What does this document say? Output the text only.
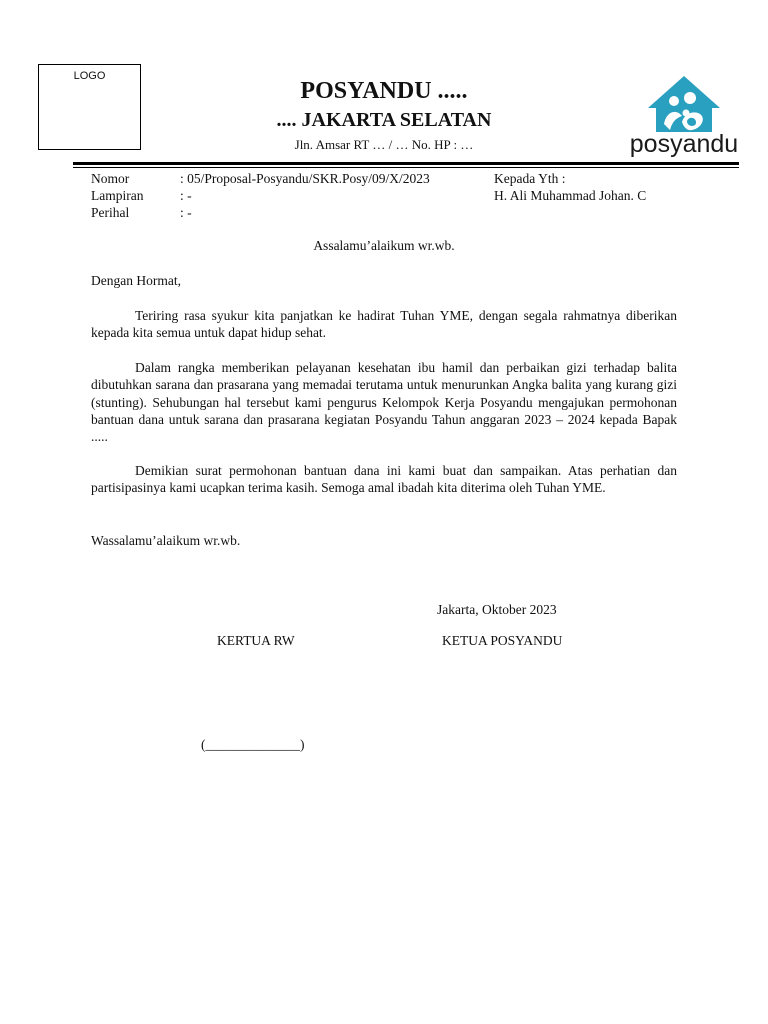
LOGO
POSYANDU .....
.... JAKARTA SELATAN
Jln. Amsar RT … / … No. HP : …	posyandu
Nomor	: 05/Proposal-Posyandu/SKR.Posy/09/X/2023
Lampiran	: -
Perihal	: -
Kepada Yth :
H. Ali Muhammad Johan. C
Assalamu’alaikum wr.wb.
Dengan Hormat,

Teriring rasa syukur kita panjatkan ke hadirat Tuhan YME, dengan segala rahmatnya diberikan kepada kita semua untuk dapat hidup sehat.

Dalam rangka memberikan pelayanan kesehatan ibu hamil dan perbaikan gizi terhadap balita dibutuhkan sarana dan prasarana yang memadai terutama untuk menurunkan Angka balita yang kurang gizi (stunting). Sehubungan hal tersebut kami pengurus Kelompok Kerja Posyandu mengajukan permohonan bantuan dana untuk sarana dan prasarana kegiatan Posyandu Tahun anggaran 2023 – 2024 kepada Bapak .....

Demikian surat permohonan bantuan dana ini kami buat dan sampaikan. Atas perhatian dan partisipasinya kami ucapkan terima kasih. Semoga amal ibadah kita diterima oleh Tuhan YME.

Wassalamu’alaikum wr.wb.
Jakarta, Oktober 2023
KERTUA RW	KETUA POSYANDU
(______________)
